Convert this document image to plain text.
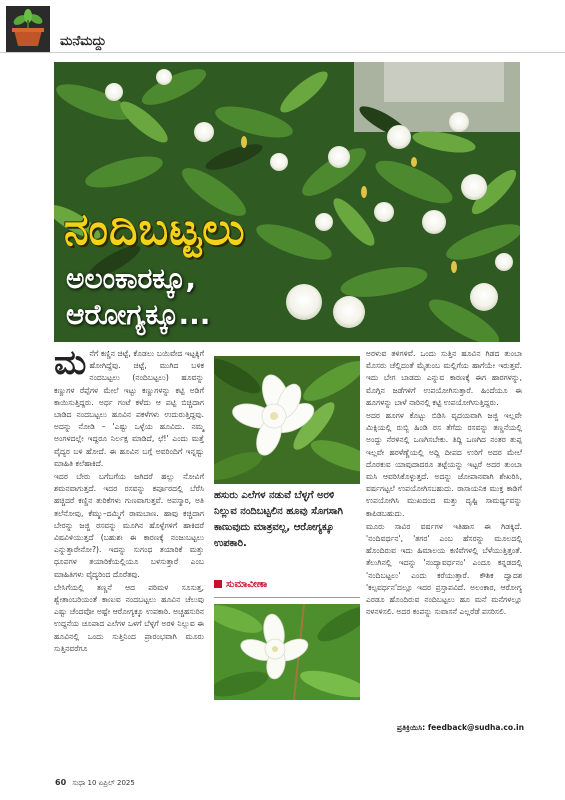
ಮನೆಮದ್ದು
ನಂದಿಬಟ್ಟಲು
ಅಲಂಕಾರಕ್ಕೂ,
ಆರೋಗ್ಯಕ್ಕೂ...

ಮನೆಗೆ ಕಣ್ಣಿನ ಚಿಟ್ಟೆ, ಕೊಡಲು ಬಯಿವೇದ ಇಟ್ಟಕ್ಕಿಗೆ ಹೋಗಿದ್ದೆವು. ಚಿಟ್ಟೆ, ಮುಗಿದ ಬಳಿಕ ನಂದಬಟ್ಟಲು (ನಂದಿಬಟ್ಟಲು) ಹೂವನ್ನು ಕಣ್ಣುಗಳ ರೆಪ್ಪೆಗಳ ಮೇಲೆ ಇಟ್ಟು ಕಣ್ಣುಗಳನ್ನು ಕಟ್ಟಿ ಅಡಿಗೆ ಕಾಯಿಸುತ್ತಿದ್ದರು. ಅರ್ಧ ಗಂಟೆ ಕಳೆದು ಆ ಪಟ್ಟಿ ಬಿಚ್ಚಿದಾಗ ಬಾಡಿದ ನಂದಬಟ್ಟಲು ಹೂವಿನ ಪಕಳೆಗಳು ಉದುರುತ್ತಿದ್ದವು. ಅದನ್ನು ನೋಡಿ – 'ಎಷ್ಟು ಒಳ್ಳೆಯ ಹೂವಿದು. ನಮ್ಮ ಅಂಗಳದಲ್ಲೇ ಇದ್ದರೂ ನಿರ್ಲಕ್ಷ ಮಾಡಿದೆ, ಛೆ!' ಎಂದು ಮತ್ತೆ ವೈದ್ಯರ ಬಳಿ ಹೋದೆ. ಈ ಹೂವಿನ ಬಗ್ಗೆ ಅವರಿಂದಿಗೆ ಇನ್ನಷ್ಟು ಮಾಹಿತಿ ಕಲೆಹಾಕಿದೆ.

ಇದರ ಬೇರು ಬಗೆಬಗೆಯ ಜಗಿದರೆ ಹಲ್ಲು ನೋವಿಗೆ ಶಮನವಾಗುತ್ತದೆ. ಇದರ ರಸವನ್ನು ಕರ್ಪೂರದಲ್ಲಿ ಬೆರೆಸಿ ಹಚ್ಚಿದರೆ ಕಣ್ಣಿನ ತುರಿಕೆಗಳು ಗುಣವಾಗುತ್ತವೆ. ಅಪಸ್ಮಾರ, ಅತಿ ತಲೆನೋವು, ಕೆಮ್ಮು–ದಮ್ಮಿಗೆ ರಾಮಬಾಣ. ಹಾವು ಕಚ್ಚಿದಾಗ ಬೇರನ್ನು ಜಜ್ಜಿ ರಸವನ್ನು ಮೂಗಿನ ಹೊಳ್ಳೆಗಳಿಗೆ ಹಾಕಿದರೆ ವಿಷವಿಳಿಯುತ್ತದೆ (ಬಹುಶಃ ಈ ಕಾರಣಕ್ಕೆ ನಂಜುಬಟ್ಟಲು ಎನ್ನುತ್ತಾರೇನೋ?). ಇದನ್ನು ಸುಗಂಧ ತಯಾರಿಕೆ ಮತ್ತು ಧೂಪಗಳ ತಯಾರಿಕೆಯಲ್ಲಿಯೂ ಬಳಸುತ್ತಾರೆ ಎಂಬ ಮಾಹಿತಿಗಳು ವೈದ್ಯರಿಂದ ದೊರೆತವು.

ಬೇಸಿಗೆಯಲ್ಲಿ ತಣ್ಣನೆ ಆದ ಪರಿಮಳ ಸೂಸುತ್ತ, ಶ್ವೇತಾಂಬರಿಯಂತೆ ಕಾಣುವ ನಂದಬಟ್ಟಲು ಹೂವಿನ ಚೆಲುವು ಎಷ್ಟು ಚೆಂದವೋ ಅಷ್ಟೇ ಆರೋಗ್ಯಕ್ಕೂ ಉಪಕಾರಿ. ಅಚ್ಚಹಸುರಿನ ಉದ್ದನೆಯ ಚೂಪಾದ ಎಲೆಗಳ ಒಳಗೆ ಬೆಳ್ಳಗೆ ಅರಳಿ ನಿಲ್ಲುವ ಈ ಹೂವಿನಲ್ಲಿ ಒಂದು ಸುತ್ತಿನಿಂದ ಪ್ರಾರಂಭವಾಗಿ ಮೂರು ಸುತ್ತಿನವರೆಗೂ

ಹಸುರು ಎಲೆಗಳ ನಡುವೆ ಬೆಳ್ಳಗೆ ಅರಳಿ ನಿಲ್ಲುವ ನಂದಿಬಟ್ಟಲಿನ ಹೂವು ಸೊಗಸಾಗಿ ಕಾಣುವುದು ಮಾತ್ರವಲ್ಲ, ಆರೋಗ್ಯಕ್ಕೂ ಉಪಕಾರಿ.
ಸುಮಾವೀಣಾ

ಅರಳುವ ತಳಿಗಳಿವೆ. ಒಂದು ಸುತ್ತಿನ ಹೂವಿನ ಗಿಡದ ತುಂಬಾ ಮೊಸರು ಚೆಲ್ಲಿದಂತೆ ಮೈತುಂಬ ಮಲ್ಲಿಗೆಯ ಹಾಗೆಯೇ ಇರುತ್ತವೆ. ಇದು ಬೇಗ ಬಾಡದು ಎನ್ನುವ ಕಾರಣಕ್ಕೆ ಈಗ ಹಾರಗಳನ್ನು, ಮೊಗ್ಗಿನ ಜಡೆಗಳಿಗೆ ಉಪಯೋಗಿಸುತ್ತಾರೆ. ಹಿಂದೆಯೂ ಈ ಹೂಗಳನ್ನು ಬಾಳೆ ನಾರಿನಲ್ಲಿ ಕಟ್ಟಿ ಉಪಯೋಗಿಸುತ್ತಿದ್ದರು.

ಅದರ ಹೂಗಳ ಕೊಟ್ಟು ಬಿಡಿಸಿ ವೃದಯವಾಗಿ ಜಜ್ಜಿ ಇಲ್ಲವೇ ಮಿಕ್ಸಿಯಲ್ಲಿ ರುಬ್ಬಿ ಹಿಂಡಿ ರಸ ತೆಗೆದು ರಸವನ್ನು ತಣ್ಣನೆಯಲ್ಲಿ ಅಂದ್ದು ನೆರಳಿನಲ್ಲಿ ಒಣಗಿಸಬೇಕು. ತಿದ್ದಿ ಒಣಗಿದ ನಂತರ ತುಪ್ಪ ಇಲ್ಲವೇ ಹರಳೆಣ್ಣೆಯಲ್ಲಿ ಅದ್ದಿ ದೀಪದ ಉರಿಗೆ ಅದರ ಮೇಲೆ ದೊರಕುವ ಯಾವುದಾದರೂ ತಟ್ಟೆಯನ್ನು ಇಟ್ಟರೆ ಅದರ ತುಂಬಾ ಮಸಿ ಆವರಿಸಿಕೊಳ್ಳುತ್ತದೆ. ಅದನ್ನು ಜೋಪಾನವಾಗಿ ಶೇಖರಿಸಿ, ವರ್ಷಗಟ್ಟಲೆ ಉಪಯೋಗಿಸಬಹುದು. ರಾಸಾಯನಿಕ ಮುಕ್ತ ಕಾಡಿಗೆ ಉಪಯೋಗಿಸಿ ಮುಖದಂದ ಮತ್ತು ದೃಷ್ಟಿ ಸಾಮರ್ಥ್ಯವನ್ನು ಕಾಪಿಡಬಹುದು.

ಮೂರು ಸಾವಿರ ವರ್ಷಗಳ ಇತಿಹಾಸ ಈ ಗಿಡಕ್ಕಿದೆ. 'ನಂದಿವರ್ಧನ', 'ತಗರ' ಎಂಬ ಹೆಸರನ್ನು ಮೂಲದಲ್ಲಿ ಹೊಂದಿರುವ ಇದು ಹಿಮಾಲಯ ಕಣಿವೆಗಳಲ್ಲಿ ಬೆಳೆಯುತ್ತಿತ್ತಂತೆ. ತೆಲುಗಿನಲ್ಲಿ ಇದನ್ನು 'ನಂದ್ಯಾವರ್ಧನಂ' ಎಂದೂ ಕನ್ನಡದಲ್ಲಿ 'ನಂದಿಬಟ್ಟಲು' ಎಂದು ಕರೆಯುತ್ತಾರೆ. ಕೌಶಿಕ ದ್ವಾದಶ 'ಕಲ್ಪವರ್ಧನ'ದಲ್ಲೂ ಇದರ ಪ್ರಸ್ತಾಪವಿದೆ. ಅಲಂಕಾರ, ಆರೋಗ್ಯ ಎರಡೂ ಹೊಂದಿರುವ ನಂದಿಬಟ್ಟಲು ಹೂ ಮನೆ ಮನೆಗಳಲ್ಲೂ ನಳನಳಿಸಲಿ. ಅದರ ಕಂಪನ್ನು ಸುವಾಸನೆ ಎಲ್ಲರೆಡೆ ಪಸರಿಸಲಿ.

ಪ್ರತಿಕ್ರಿಯಿಸಿ: feedback@sudha.co.in
60 ಸುಧಾ 10 ಏಪ್ರಿಲ್ 2025
